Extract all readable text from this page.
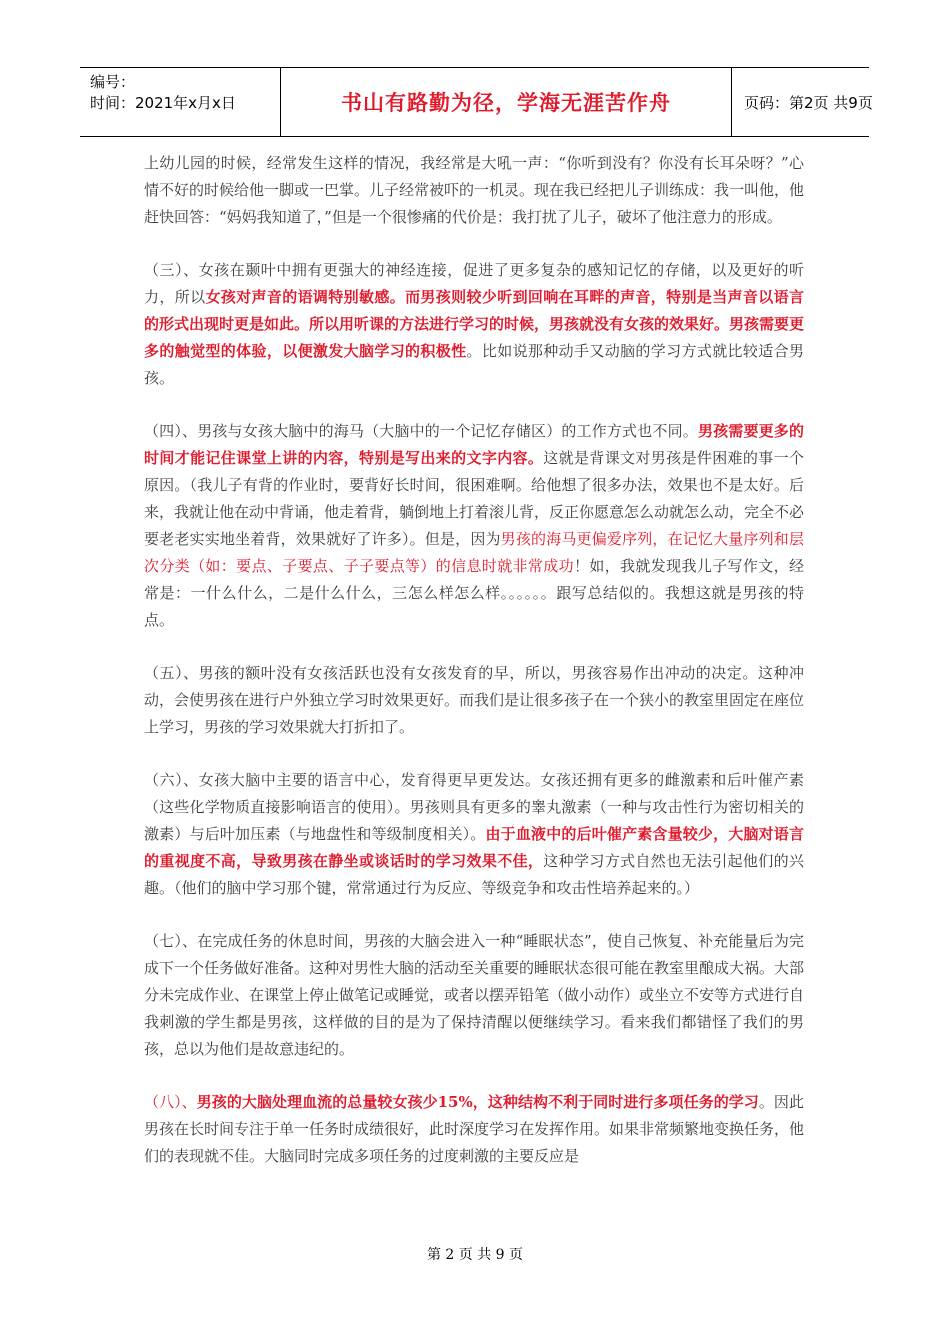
编号：
时间：2021年x月x日	书山有路勤为径，学海无涯苦作舟	页码：第2页 共9页

上幼儿园的时候，经常发生这样的情况，我经常是大吼一声：“你听到没有？你没有长耳朵呀？”心情不好的时候给他一脚或一巴掌。儿子经常被吓的一机灵。现在我已经把儿子训练成：我一叫他，他赶快回答：“妈妈我知道了，”但是一个很惨痛的代价是：我打扰了儿子，破坏了他注意力的形成。

（三）、女孩在颞叶中拥有更强大的神经连接，促进了更多复杂的感知记忆的存储，以及更好的听力，所以女孩对声音的语调特别敏感。而男孩则较少听到回响在耳畔的声音，特别是当声音以语言的形式出现时更是如此。所以用听课的方法进行学习的时候，男孩就没有女孩的效果好。男孩需要更多的触觉型的体验，以便激发大脑学习的积极性。比如说那种动手又动脑的学习方式就比较适合男孩。

（四）、男孩与女孩大脑中的海马（大脑中的一个记忆存储区）的工作方式也不同。男孩需要更多的时间才能记住课堂上讲的内容，特别是写出来的文字内容。这就是背课文对男孩是件困难的事一个原因。（我儿子有背的作业时，要背好长时间，很困难啊。给他想了很多办法，效果也不是太好。后来，我就让他在动中背诵，他走着背，躺倒地上打着滚儿背，反正你愿意怎么动就怎么动，完全不必要老老实实地坐着背，效果就好了许多）。但是，因为男孩的海马更偏爱序列，在记忆大量序列和层次分类（如：要点、子要点、子子要点等）的信息时就非常成功！如，我就发现我儿子写作文，经常是：一什么什么，二是什么什么，三怎么样怎么样。。。。。。跟写总结似的。我想这就是男孩的特点。

（五）、男孩的额叶没有女孩活跃也没有女孩发育的早，所以，男孩容易作出冲动的决定。这种冲动，会使男孩在进行户外独立学习时效果更好。而我们是让很多孩子在一个狭小的教室里固定在座位上学习，男孩的学习效果就大打折扣了。

（六）、女孩大脑中主要的语言中心，发育得更早更发达。女孩还拥有更多的雌激素和后叶催产素（这些化学物质直接影响语言的使用）。男孩则具有更多的睾丸激素（一种与攻击性行为密切相关的激素）与后叶加压素（与地盘性和等级制度相关）。由于血液中的后叶催产素含量较少，大脑对语言的重视度不高，导致男孩在静坐或谈话时的学习效果不佳，这种学习方式自然也无法引起他们的兴趣。（他们的脑中学习那个键，常常通过行为反应、等级竞争和攻击性培养起来的。）

（七）、在完成任务的休息时间，男孩的大脑会进入一种“睡眠状态”，使自己恢复、补充能量后为完成下一个任务做好准备。这种对男性大脑的活动至关重要的睡眠状态很可能在教室里酿成大祸。大部分未完成作业、在课堂上停止做笔记或睡觉，或者以摆弄铅笔（做小动作）或坐立不安等方式进行自我刺激的学生都是男孩，这样做的目的是为了保持清醒以便继续学习。看来我们都错怪了我们的男孩，总以为他们是故意违纪的。

（八）、男孩的大脑处理血流的总量较女孩少15%，这种结构不利于同时进行多项任务的学习。因此男孩在长时间专注于单一任务时成绩很好，此时深度学习在发挥作用。如果非常频繁地变换任务，他们的表现就不佳。大脑同时完成多项任务的过度刺激的主要反应是

第 2 页 共 9 页
